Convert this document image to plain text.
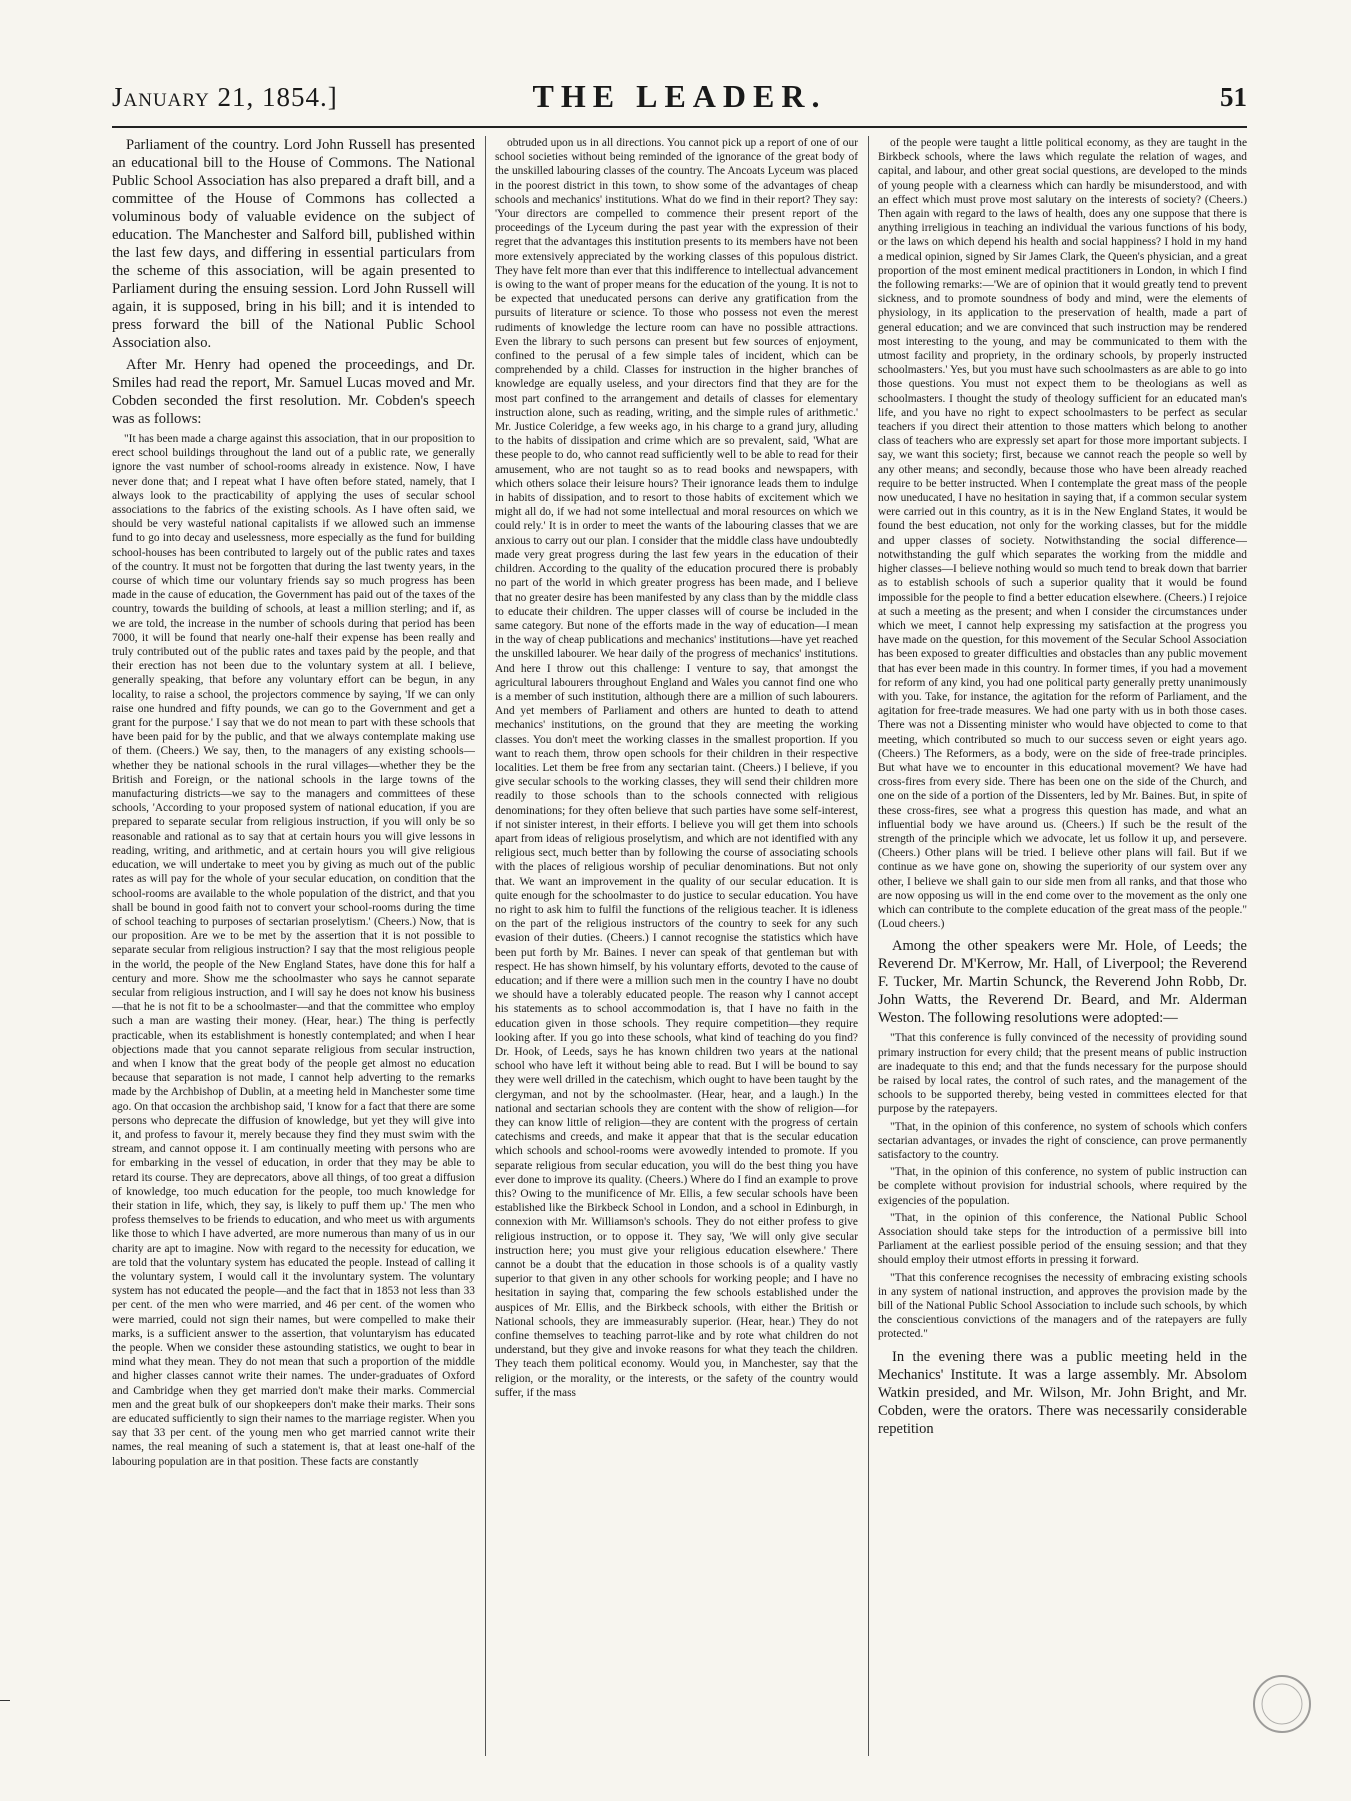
January 21, 1854.]	THE LEADER.	51

Parliament of the country. Lord John Russell has presented an educational bill to the House of Commons. The National Public School Association has also prepared a draft bill, and a committee of the House of Commons has collected a voluminous body of valuable evidence on the subject of education. The Manchester and Salford bill, published within the last few days, and differing in essential particulars from the scheme of this association, will be again presented to Parliament during the ensuing session. Lord John Russell will again, it is supposed, bring in his bill; and it is intended to press forward the bill of the National Public School Association also.

After Mr. Henry had opened the proceedings, and Dr. Smiles had read the report, Mr. Samuel Lucas moved and Mr. Cobden seconded the first resolution. Mr. Cobden's speech was as follows:

"It has been made a charge against this association, that in our proposition to erect school buildings throughout the land out of a public rate, we generally ignore the vast number of school-rooms already in existence. Now, I have never done that; and I repeat what I have often before stated, namely, that I always look to the practicability of applying the uses of secular school associations to the fabrics of the existing schools. As I have often said, we should be very wasteful national capitalists if we allowed such an immense fund to go into decay and uselessness, more especially as the fund for building school-houses has been contributed to largely out of the public rates and taxes of the country. It must not be forgotten that during the last twenty years, in the course of which time our voluntary friends say so much progress has been made in the cause of education, the Government has paid out of the taxes of the country, towards the building of schools, at least a million sterling; and if, as we are told, the increase in the number of schools during that period has been 7000, it will be found that nearly one-half their expense has been really and truly contributed out of the public rates and taxes paid by the people, and that their erection has not been due to the voluntary system at all. I believe, generally speaking, that before any voluntary effort can be begun, in any locality, to raise a school, the projectors commence by saying, 'If we can only raise one hundred and fifty pounds, we can go to the Government and get a grant for the purpose.' I say that we do not mean to part with these schools that have been paid for by the public, and that we always contemplate making use of them. (Cheers.) We say, then, to the managers of any existing schools—whether they be national schools in the rural villages—whether they be the British and Foreign, or the national schools in the large towns of the manufacturing districts—we say to the managers and committees of these schools, 'According to your proposed system of national education, if you are prepared to separate secular from religious instruction, if you will only be so reasonable and rational as to say that at certain hours you will give lessons in reading, writing, and arithmetic, and at certain hours you will give religious education, we will undertake to meet you by giving as much out of the public rates as will pay for the whole of your secular education, on condition that the school-rooms are available to the whole population of the district, and that you shall be bound in good faith not to convert your school-rooms during the time of school teaching to purposes of sectarian proselytism.' (Cheers.) Now, that is our proposition. Are we to be met by the assertion that it is not possible to separate secular from religious instruction? I say that the most religious people in the world, the people of the New England States, have done this for half a century and more. Show me the schoolmaster who says he cannot separate secular from religious instruction, and I will say he does not know his business—that he is not fit to be a schoolmaster—and that the committee who employ such a man are wasting their money. (Hear, hear.) The thing is perfectly practicable, when its establishment is honestly contemplated; and when I hear objections made that you cannot separate religious from secular instruction, and when I know that the great body of the people get almost no education because that separation is not made, I cannot help adverting to the remarks made by the Archbishop of Dublin, at a meeting held in Manchester some time ago. On that occasion the archbishop said, 'I know for a fact that there are some persons who deprecate the diffusion of knowledge, but yet they will give into it, and profess to favour it, merely because they find they must swim with the stream, and cannot oppose it. I am continually meeting with persons who are for embarking in the vessel of education, in order that they may be able to retard its course. They are deprecators, above all things, of too great a diffusion of knowledge, too much education for the people, too much knowledge for their station in life, which, they say, is likely to puff them up.' The men who profess themselves to be friends to education, and who meet us with arguments like those to which I have adverted, are more numerous than many of us in our charity are apt to imagine. Now with regard to the necessity for education, we are told that the voluntary system has educated the people. Instead of calling it the voluntary system, I would call it the involuntary system. The voluntary system has not educated the people—and the fact that in 1853 not less than 33 per cent. of the men who were married, and 46 per cent. of the women who were married, could not sign their names, but were compelled to make their marks, is a sufficient answer to the assertion, that voluntaryism has educated the people. When we consider these astounding statistics, we ought to bear in mind what they mean. They do not mean that such a proportion of the middle and higher classes cannot write their names. The under-graduates of Oxford and Cambridge when they get married don't make their marks. Commercial men and the great bulk of our shopkeepers don't make their marks. Their sons are educated sufficiently to sign their names to the marriage register. When you say that 33 per cent. of the young men who get married cannot write their names, the real meaning of such a statement is, that at least one-half of the labouring population are in that position. These facts are constantly

obtruded upon us in all directions. You cannot pick up a report of one of our school societies without being reminded of the ignorance of the great body of the unskilled labouring classes of the country. The Ancoats Lyceum was placed in the poorest district in this town, to show some of the advantages of cheap schools and mechanics' institutions. What do we find in their report? They say: 'Your directors are compelled to commence their present report of the proceedings of the Lyceum during the past year with the expression of their regret that the advantages this institution presents to its members have not been more extensively appreciated by the working classes of this populous district. They have felt more than ever that this indifference to intellectual advancement is owing to the want of proper means for the education of the young. It is not to be expected that uneducated persons can derive any gratification from the pursuits of literature or science. To those who possess not even the merest rudiments of knowledge the lecture room can have no possible attractions. Even the library to such persons can present but few sources of enjoyment, confined to the perusal of a few simple tales of incident, which can be comprehended by a child. Classes for instruction in the higher branches of knowledge are equally useless, and your directors find that they are for the most part confined to the arrangement and details of classes for elementary instruction alone, such as reading, writing, and the simple rules of arithmetic.' Mr. Justice Coleridge, a few weeks ago, in his charge to a grand jury, alluding to the habits of dissipation and crime which are so prevalent, said, 'What are these people to do, who cannot read sufficiently well to be able to read for their amusement, who are not taught so as to read books and newspapers, with which others solace their leisure hours? Their ignorance leads them to indulge in habits of dissipation, and to resort to those habits of excitement which we might all do, if we had not some intellectual and moral resources on which we could rely.' It is in order to meet the wants of the labouring classes that we are anxious to carry out our plan. I consider that the middle class have undoubtedly made very great progress during the last few years in the education of their children. According to the quality of the education procured there is probably no part of the world in which greater progress has been made, and I believe that no greater desire has been manifested by any class than by the middle class to educate their children. The upper classes will of course be included in the same category. But none of the efforts made in the way of education—I mean in the way of cheap publications and mechanics' institutions—have yet reached the unskilled labourer. We hear daily of the progress of mechanics' institutions. And here I throw out this challenge: I venture to say, that amongst the agricultural labourers throughout England and Wales you cannot find one who is a member of such institution, although there are a million of such labourers. And yet members of Parliament and others are hunted to death to attend mechanics' institutions, on the ground that they are meeting the working classes. You don't meet the working classes in the smallest proportion. If you want to reach them, throw open schools for their children in their respective localities. Let them be free from any sectarian taint. (Cheers.) I believe, if you give secular schools to the working classes, they will send their children more readily to those schools than to the schools connected with religious denominations; for they often believe that such parties have some self-interest, if not sinister interest, in their efforts. I believe you will get them into schools apart from ideas of religious proselytism, and which are not identified with any religious sect, much better than by following the course of associating schools with the places of religious worship of peculiar denominations. But not only that. We want an improvement in the quality of our secular education. It is quite enough for the schoolmaster to do justice to secular education. You have no right to ask him to fulfil the functions of the religious teacher. It is idleness on the part of the religious instructors of the country to seek for any such evasion of their duties. (Cheers.) I cannot recognise the statistics which have been put forth by Mr. Baines. I never can speak of that gentleman but with respect. He has shown himself, by his voluntary efforts, devoted to the cause of education; and if there were a million such men in the country I have no doubt we should have a tolerably educated people. The reason why I cannot accept his statements as to school accommodation is, that I have no faith in the education given in those schools. They require competition—they require looking after. If you go into these schools, what kind of teaching do you find? Dr. Hook, of Leeds, says he has known children two years at the national school who have left it without being able to read. But I will be bound to say they were well drilled in the catechism, which ought to have been taught by the clergyman, and not by the schoolmaster. (Hear, hear, and a laugh.) In the national and sectarian schools they are content with the show of religion—for they can know little of religion—they are content with the progress of certain catechisms and creeds, and make it appear that that is the secular education which schools and school-rooms were avowedly intended to promote. If you separate religious from secular education, you will do the best thing you have ever done to improve its quality. (Cheers.) Where do I find an example to prove this? Owing to the munificence of Mr. Ellis, a few secular schools have been established like the Birkbeck School in London, and a school in Edinburgh, in connexion with Mr. Williamson's schools. They do not either profess to give religious instruction, or to oppose it. They say, 'We will only give secular instruction here; you must give your religious education elsewhere.' There cannot be a doubt that the education in those schools is of a quality vastly superior to that given in any other schools for working people; and I have no hesitation in saying that, comparing the few schools established under the auspices of Mr. Ellis, and the Birkbeck schools, with either the British or National schools, they are immeasurably superior. (Hear, hear.) They do not confine themselves to teaching parrot-like and by rote what children do not understand, but they give and invoke reasons for what they teach the children. They teach them political economy. Would you, in Manchester, say that the religion, or the morality, or the interests, or the safety of the country would suffer, if the mass

of the people were taught a little political economy, as they are taught in the Birkbeck schools, where the laws which regulate the relation of wages, and capital, and labour, and other great social questions, are developed to the minds of young people with a clearness which can hardly be misunderstood, and with an effect which must prove most salutary on the interests of society? (Cheers.) Then again with regard to the laws of health, does any one suppose that there is anything irreligious in teaching an individual the various functions of his body, or the laws on which depend his health and social happiness? I hold in my hand a medical opinion, signed by Sir James Clark, the Queen's physician, and a great proportion of the most eminent medical practitioners in London, in which I find the following remarks:—'We are of opinion that it would greatly tend to prevent sickness, and to promote soundness of body and mind, were the elements of physiology, in its application to the preservation of health, made a part of general education; and we are convinced that such instruction may be rendered most interesting to the young, and may be communicated to them with the utmost facility and propriety, in the ordinary schools, by properly instructed schoolmasters.' Yes, but you must have such schoolmasters as are able to go into those questions. You must not expect them to be theologians as well as schoolmasters. I thought the study of theology sufficient for an educated man's life, and you have no right to expect schoolmasters to be perfect as secular teachers if you direct their attention to those matters which belong to another class of teachers who are expressly set apart for those more important subjects. I say, we want this society; first, because we cannot reach the people so well by any other means; and secondly, because those who have been already reached require to be better instructed. When I contemplate the great mass of the people now uneducated, I have no hesitation in saying that, if a common secular system were carried out in this country, as it is in the New England States, it would be found the best education, not only for the working classes, but for the middle and upper classes of society. Notwithstanding the social difference—notwithstanding the gulf which separates the working from the middle and higher classes—I believe nothing would so much tend to break down that barrier as to establish schools of such a superior quality that it would be found impossible for the people to find a better education elsewhere. (Cheers.) I rejoice at such a meeting as the present; and when I consider the circumstances under which we meet, I cannot help expressing my satisfaction at the progress you have made on the question, for this movement of the Secular School Association has been exposed to greater difficulties and obstacles than any public movement that has ever been made in this country. In former times, if you had a movement for reform of any kind, you had one political party generally pretty unanimously with you. Take, for instance, the agitation for the reform of Parliament, and the agitation for free-trade measures. We had one party with us in both those cases. There was not a Dissenting minister who would have objected to come to that meeting, which contributed so much to our success seven or eight years ago. (Cheers.) The Reformers, as a body, were on the side of free-trade principles. But what have we to encounter in this educational movement? We have had cross-fires from every side. There has been one on the side of the Church, and one on the side of a portion of the Dissenters, led by Mr. Baines. But, in spite of these cross-fires, see what a progress this question has made, and what an influential body we have around us. (Cheers.) If such be the result of the strength of the principle which we advocate, let us follow it up, and persevere. (Cheers.) Other plans will be tried. I believe other plans will fail. But if we continue as we have gone on, showing the superiority of our system over any other, I believe we shall gain to our side men from all ranks, and that those who are now opposing us will in the end come over to the movement as the only one which can contribute to the complete education of the great mass of the people." (Loud cheers.)

Among the other speakers were Mr. Hole, of Leeds; the Reverend Dr. M'Kerrow, Mr. Hall, of Liverpool; the Reverend F. Tucker, Mr. Martin Schunck, the Reverend John Robb, Dr. John Watts, the Reverend Dr. Beard, and Mr. Alderman Weston. The following resolutions were adopted:—

"That this conference is fully convinced of the necessity of providing sound primary instruction for every child; that the present means of public instruction are inadequate to this end; and that the funds necessary for the purpose should be raised by local rates, the control of such rates, and the management of the schools to be supported thereby, being vested in committees elected for that purpose by the ratepayers.

"That, in the opinion of this conference, no system of schools which confers sectarian advantages, or invades the right of conscience, can prove permanently satisfactory to the country.

"That, in the opinion of this conference, no system of public instruction can be complete without provision for industrial schools, where required by the exigencies of the population.

"That, in the opinion of this conference, the National Public School Association should take steps for the introduction of a permissive bill into Parliament at the earliest possible period of the ensuing session; and that they should employ their utmost efforts in pressing it forward.

"That this conference recognises the necessity of embracing existing schools in any system of national instruction, and approves the provision made by the bill of the National Public School Association to include such schools, by which the conscientious convictions of the managers and of the ratepayers are fully protected."

In the evening there was a public meeting held in the Mechanics' Institute. It was a large assembly. Mr. Absolom Watkin presided, and Mr. Wilson, Mr. John Bright, and Mr. Cobden, were the orators. There was necessarily considerable repetition
